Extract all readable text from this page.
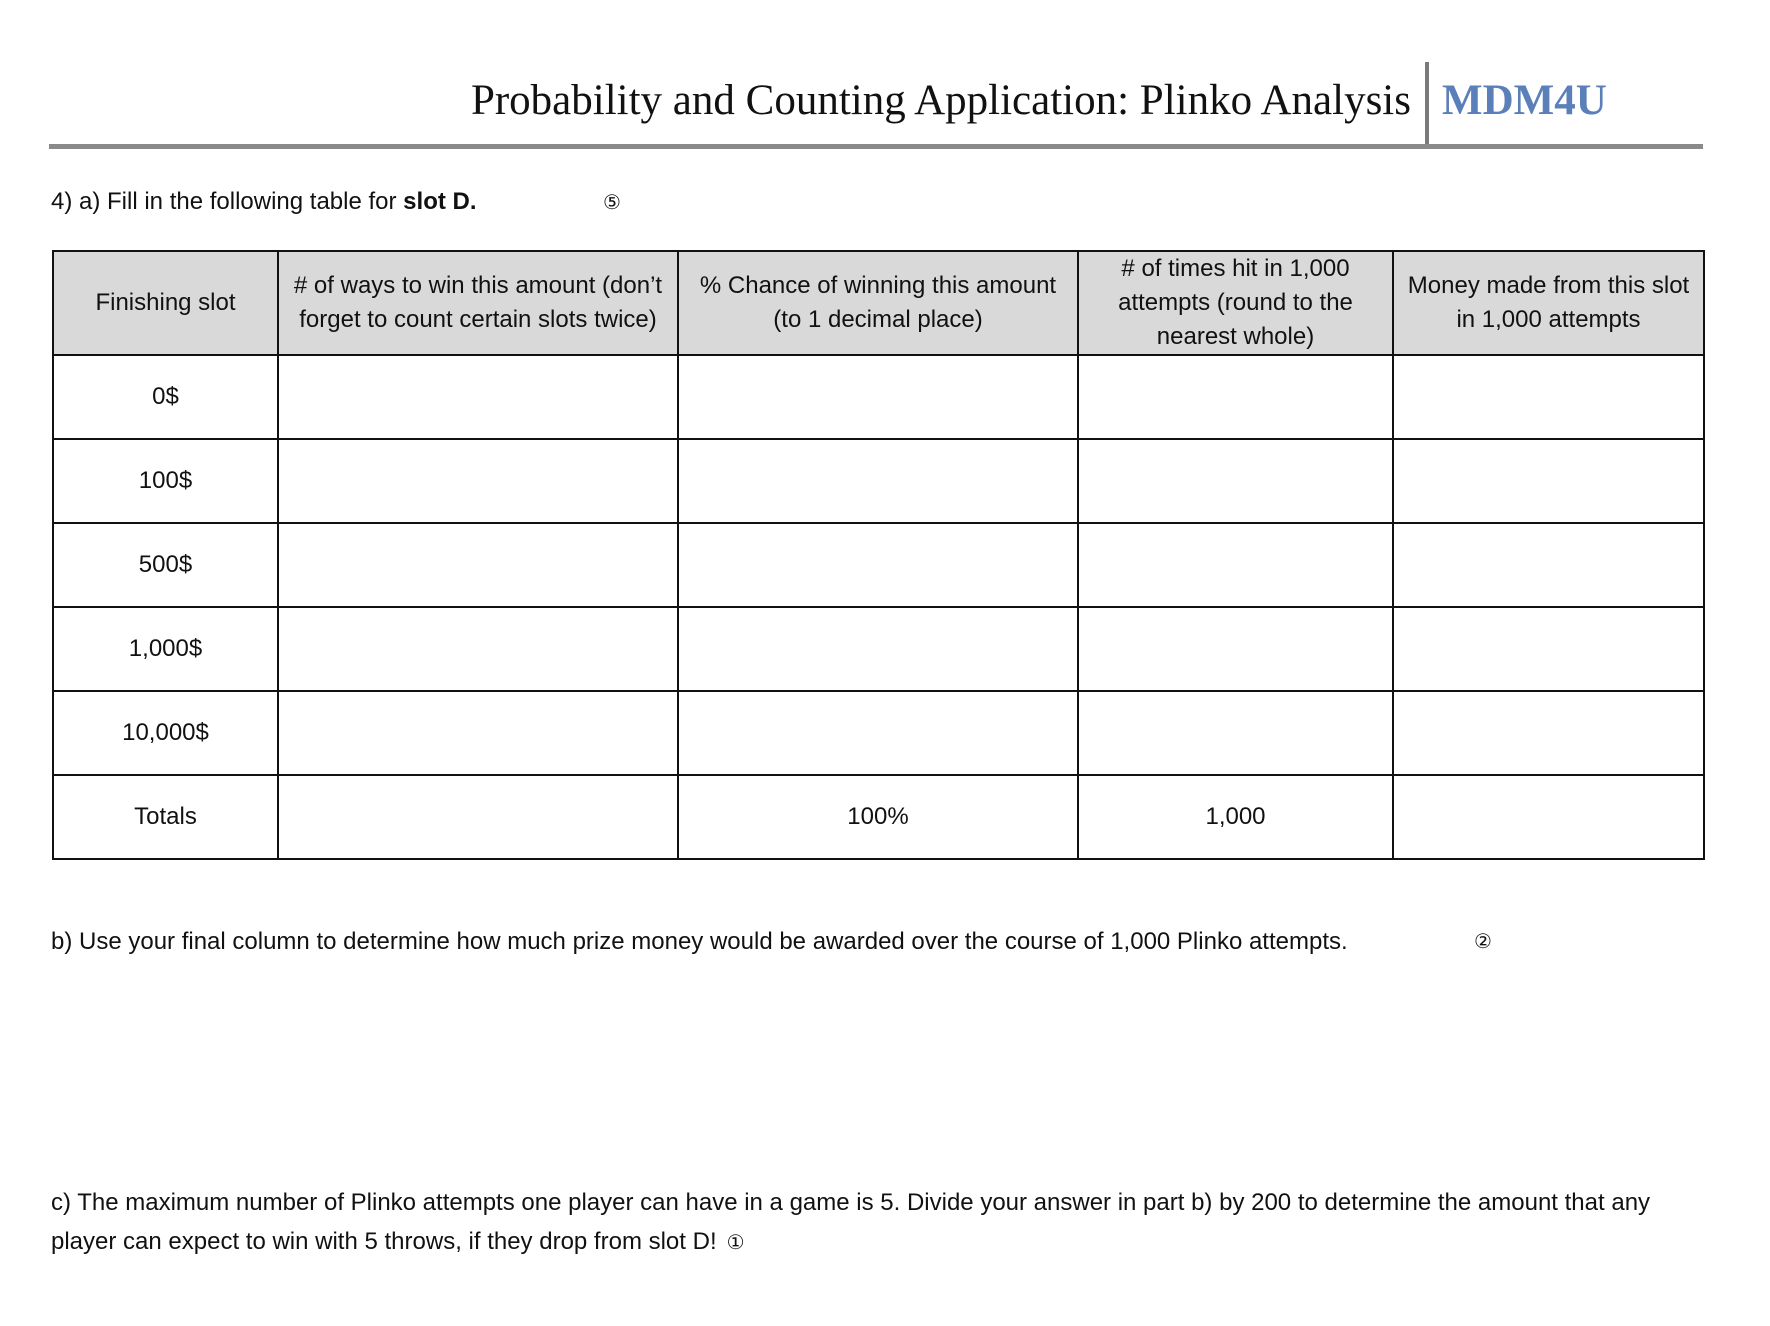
Probability and Counting Application: Plinko Analysis MDM4U
4) a) Fill in the following table for slot D.	⑤
Finishing slot	# of ways to win this amount (don’t forget to count certain slots twice)	% Chance of winning this amount (to 1 decimal place)	# of times hit in 1,000 attempts (round to the nearest whole)	Money made from this slot in 1,000 attempts
0$				
100$				
500$				
1,000$				
10,000$				
Totals		100%	1,000	
b) Use your final column to determine how much prize money would be awarded over the course of 1,000 Plinko attempts.	②
c) The maximum number of Plinko attempts one player can have in a game is 5. Divide your answer in part b) by 200 to determine the amount that any player can expect to win with 5 throws, if they drop from slot D! ①
